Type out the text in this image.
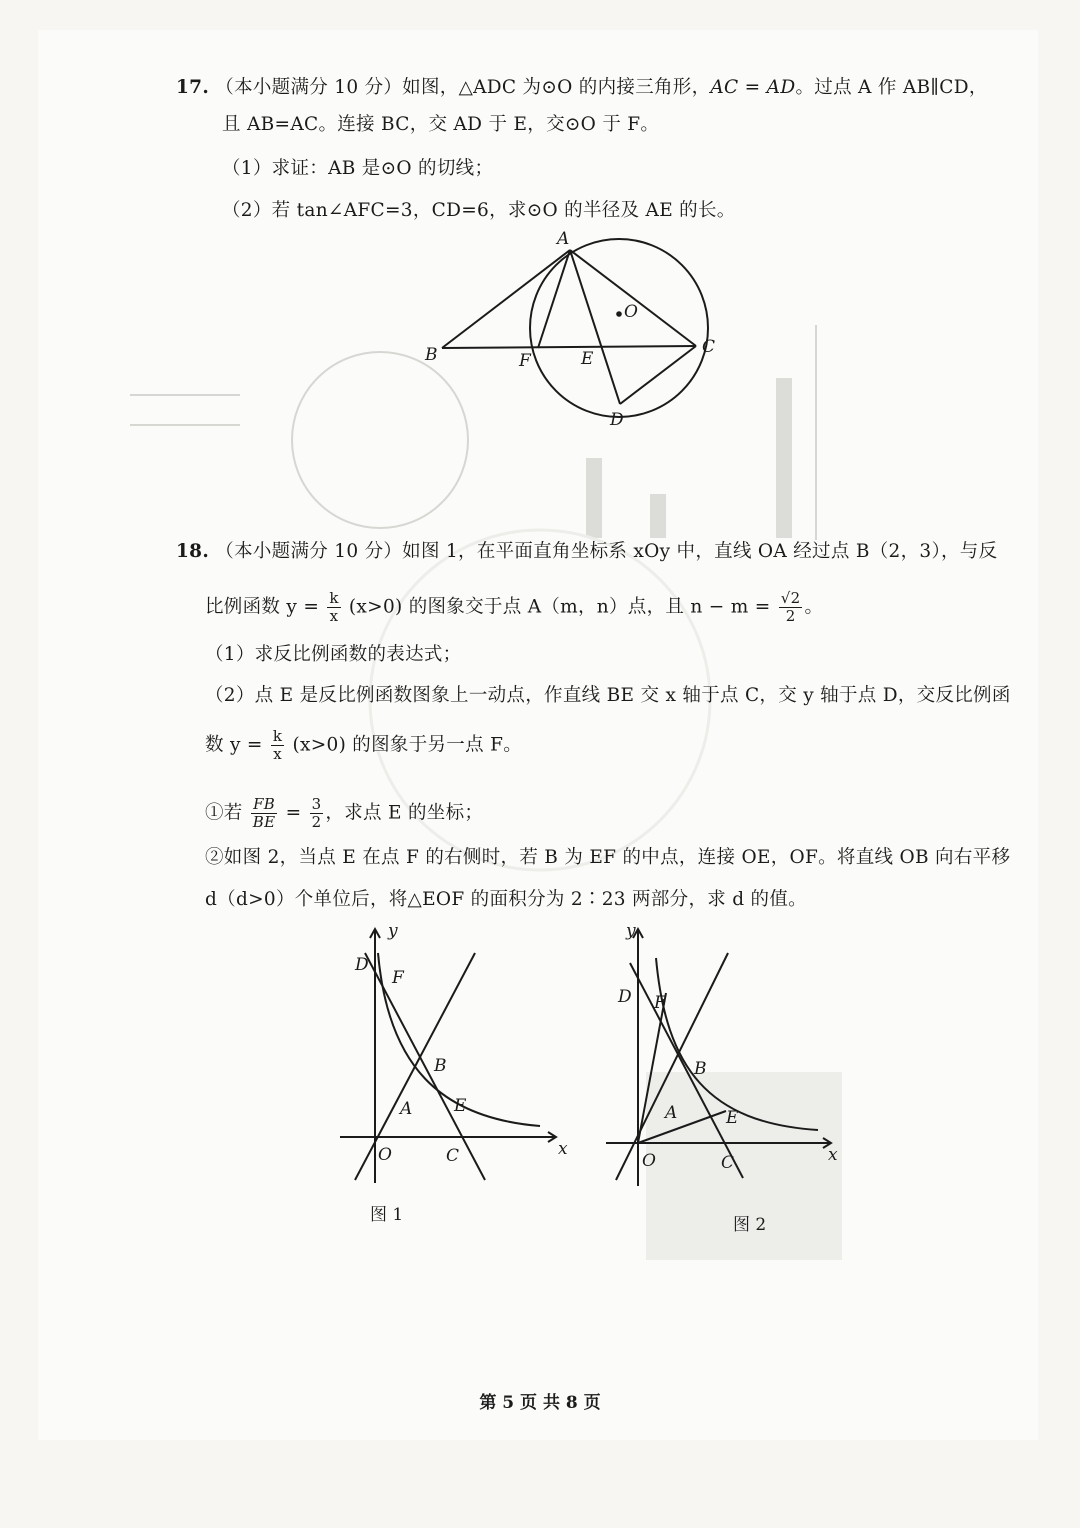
17. （本小题满分 10 分）如图，△ADC 为⊙O 的内接三角形，AC = AD。过点 A 作 AB∥CD，
且 AB=AC。连接 BC，交 AD 于 E，交⊙O 于 F。
（1）求证：AB 是⊙O 的切线；
（2）若 tan∠AFC=3，CD=6，求⊙O 的半径及 AE 的长。
A
B	C
D
E
F
O
18. （本小题满分 10 分）如图 1，在平面直角坐标系 xOy 中，直线 OA 经过点 B（2，3），与反
比例函数 $y = \frac{k}{x} (x>0)$ 的图象交于点 A（m，n）点，且 $n - m = \frac{√2}{2}$ 。
（1）求反比例函数的表达式；
（2）点 E 是反比例函数图象上一动点，作直线 BE 交 x 轴于点 C，交 y 轴于点 D，交反比例函
数 $y = \frac{k}{x} (x>0)$ 的图象于另一点 F。
①若 $\frac{FB}{BE} = \frac{3}{2}$ ，求点 E 的坐标；
②如图 2，当点 E 在点 F 的右侧时，若 B 为 EF 的中点，连接 OE，OF。将直线 OB 向右平移
d（d>0）个单位后，将△EOF 的面积分为 2∶23 两部分，求 d 的值。
y
x
O
D
F
B
A E
C
图 1
y
x
O
D F
B
A	E
C
图 2
第 5 页 共 8 页
